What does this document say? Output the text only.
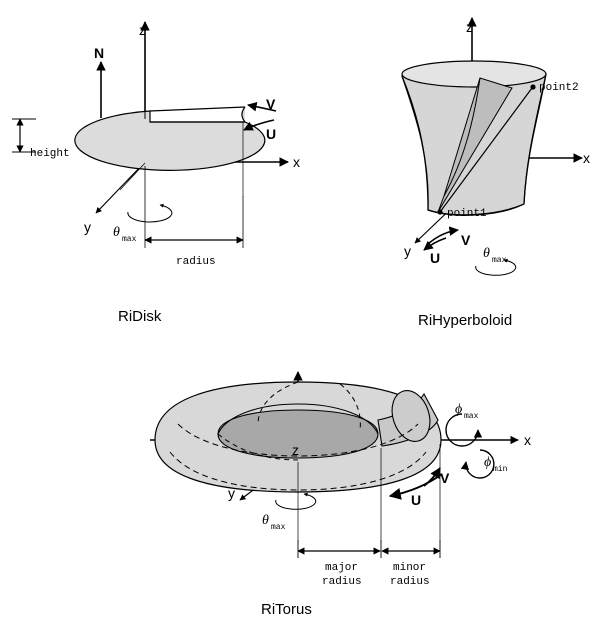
z
x
y
N
V
U
height
radius
θ max
z
x
y
point2
point1
V
U	θ max
z
x
y
ϕ max
ϕ min
V
U
θ max
major
radius
minor
radius
RiDisk	RiHyperboloid
RiTorus
